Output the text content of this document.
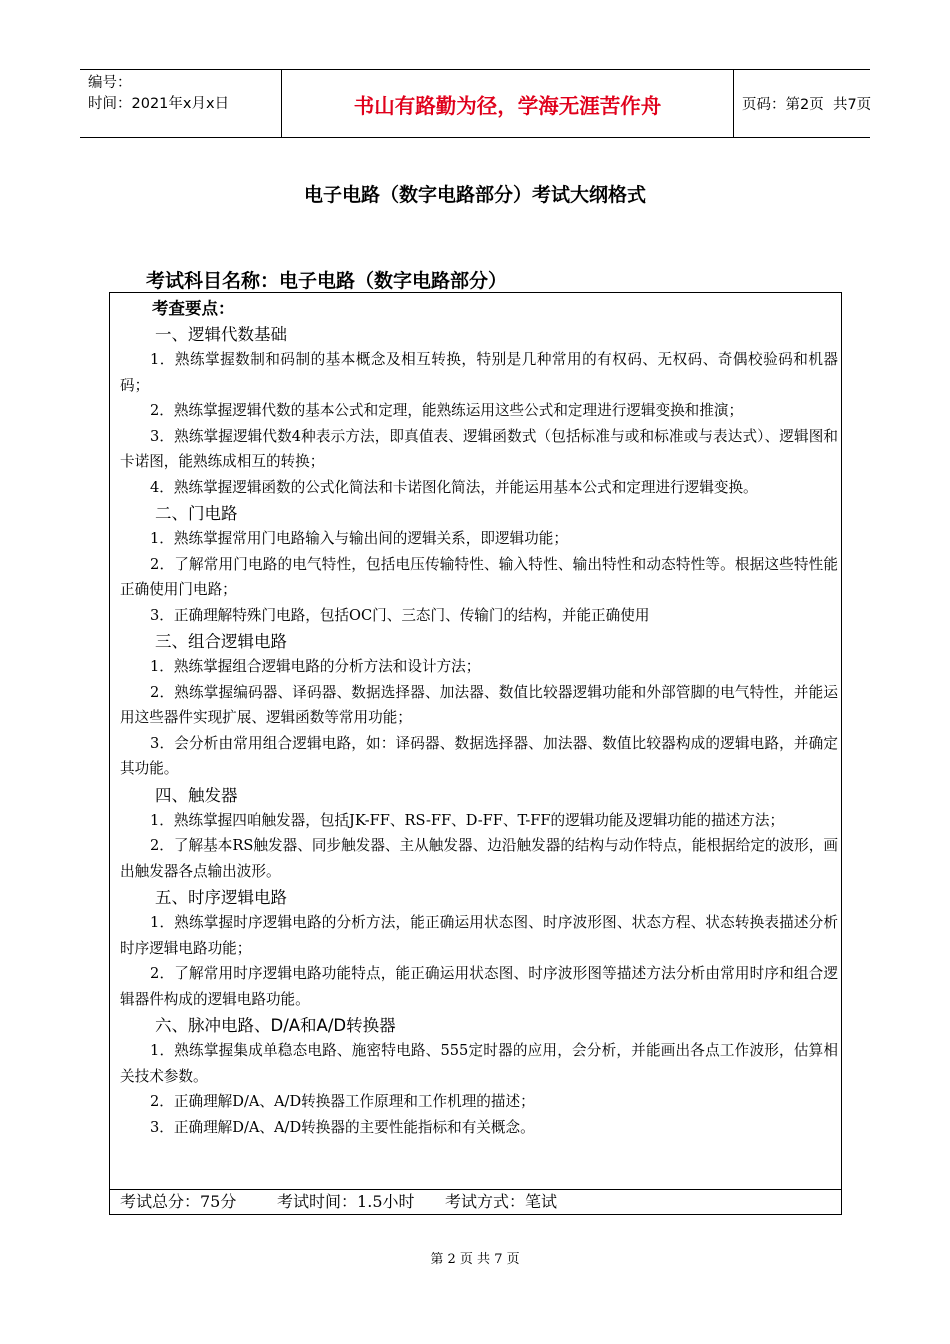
编号：
时间：2021年x月x日	书山有路勤为径，学海无涯苦作舟	页码：第2页  共7页
电子电路（数字电路部分）考试大纲格式
考试科目名称：电子电路（数字电路部分）
考查要点：
一、逻辑代数基础
1．熟练掌握数制和码制的基本概念及相互转换，特别是几种常用的有权码、无权码、奇偶校验码和机器码；
2．熟练掌握逻辑代数的基本公式和定理，能熟练运用这些公式和定理进行逻辑变换和推演；
3．熟练掌握逻辑代数4种表示方法，即真值表、逻辑函数式（包括标准与或和标准或与表达式）、逻辑图和卡诺图，能熟练成相互的转换；
4．熟练掌握逻辑函数的公式化简法和卡诺图化简法，并能运用基本公式和定理进行逻辑变换。
二、门电路
1．熟练掌握常用门电路输入与输出间的逻辑关系，即逻辑功能；
2．了解常用门电路的电气特性，包括电压传输特性、输入特性、输出特性和动态特性等。根据这些特性能正确使用门电路；
3．正确理解特殊门电路，包括OC门、三态门、传输门的结构，并能正确使用
三、组合逻辑电路
1．熟练掌握组合逻辑电路的分析方法和设计方法；
2．熟练掌握编码器、译码器、数据选择器、加法器、数值比较器逻辑功能和外部管脚的电气特性，并能运用这些器件实现扩展、逻辑函数等常用功能；
3．会分析由常用组合逻辑电路，如：译码器、数据选择器、加法器、数值比较器构成的逻辑电路，并确定其功能。
四、触发器
1．熟练掌握四咱触发器，包括JK-FF、RS-FF、D-FF、T-FF的逻辑功能及逻辑功能的描述方法；
2．了解基本RS触发器、同步触发器、主从触发器、边沿触发器的结构与动作特点，能根据给定的波形，画出触发器各点输出波形。
五、时序逻辑电路
1．熟练掌握时序逻辑电路的分析方法，能正确运用状态图、时序波形图、状态方程、状态转换表描述分析时序逻辑电路功能；
2．了解常用时序逻辑电路功能特点，能正确运用状态图、时序波形图等描述方法分析由常用时序和组合逻辑器件构成的逻辑电路功能。
六、脉冲电路、D/A和A/D转换器
1．熟练掌握集成单稳态电路、施密特电路、555定时器的应用，会分析，并能画出各点工作波形，估算相关技术参数。
2．正确理解D/A、A/D转换器工作原理和工作机理的描述；
3．正确理解D/A、A/D转换器的主要性能指标和有关概念。
考试总分：75分        考试时间：1.5小时      考试方式：笔试
第 2 页 共 7 页
